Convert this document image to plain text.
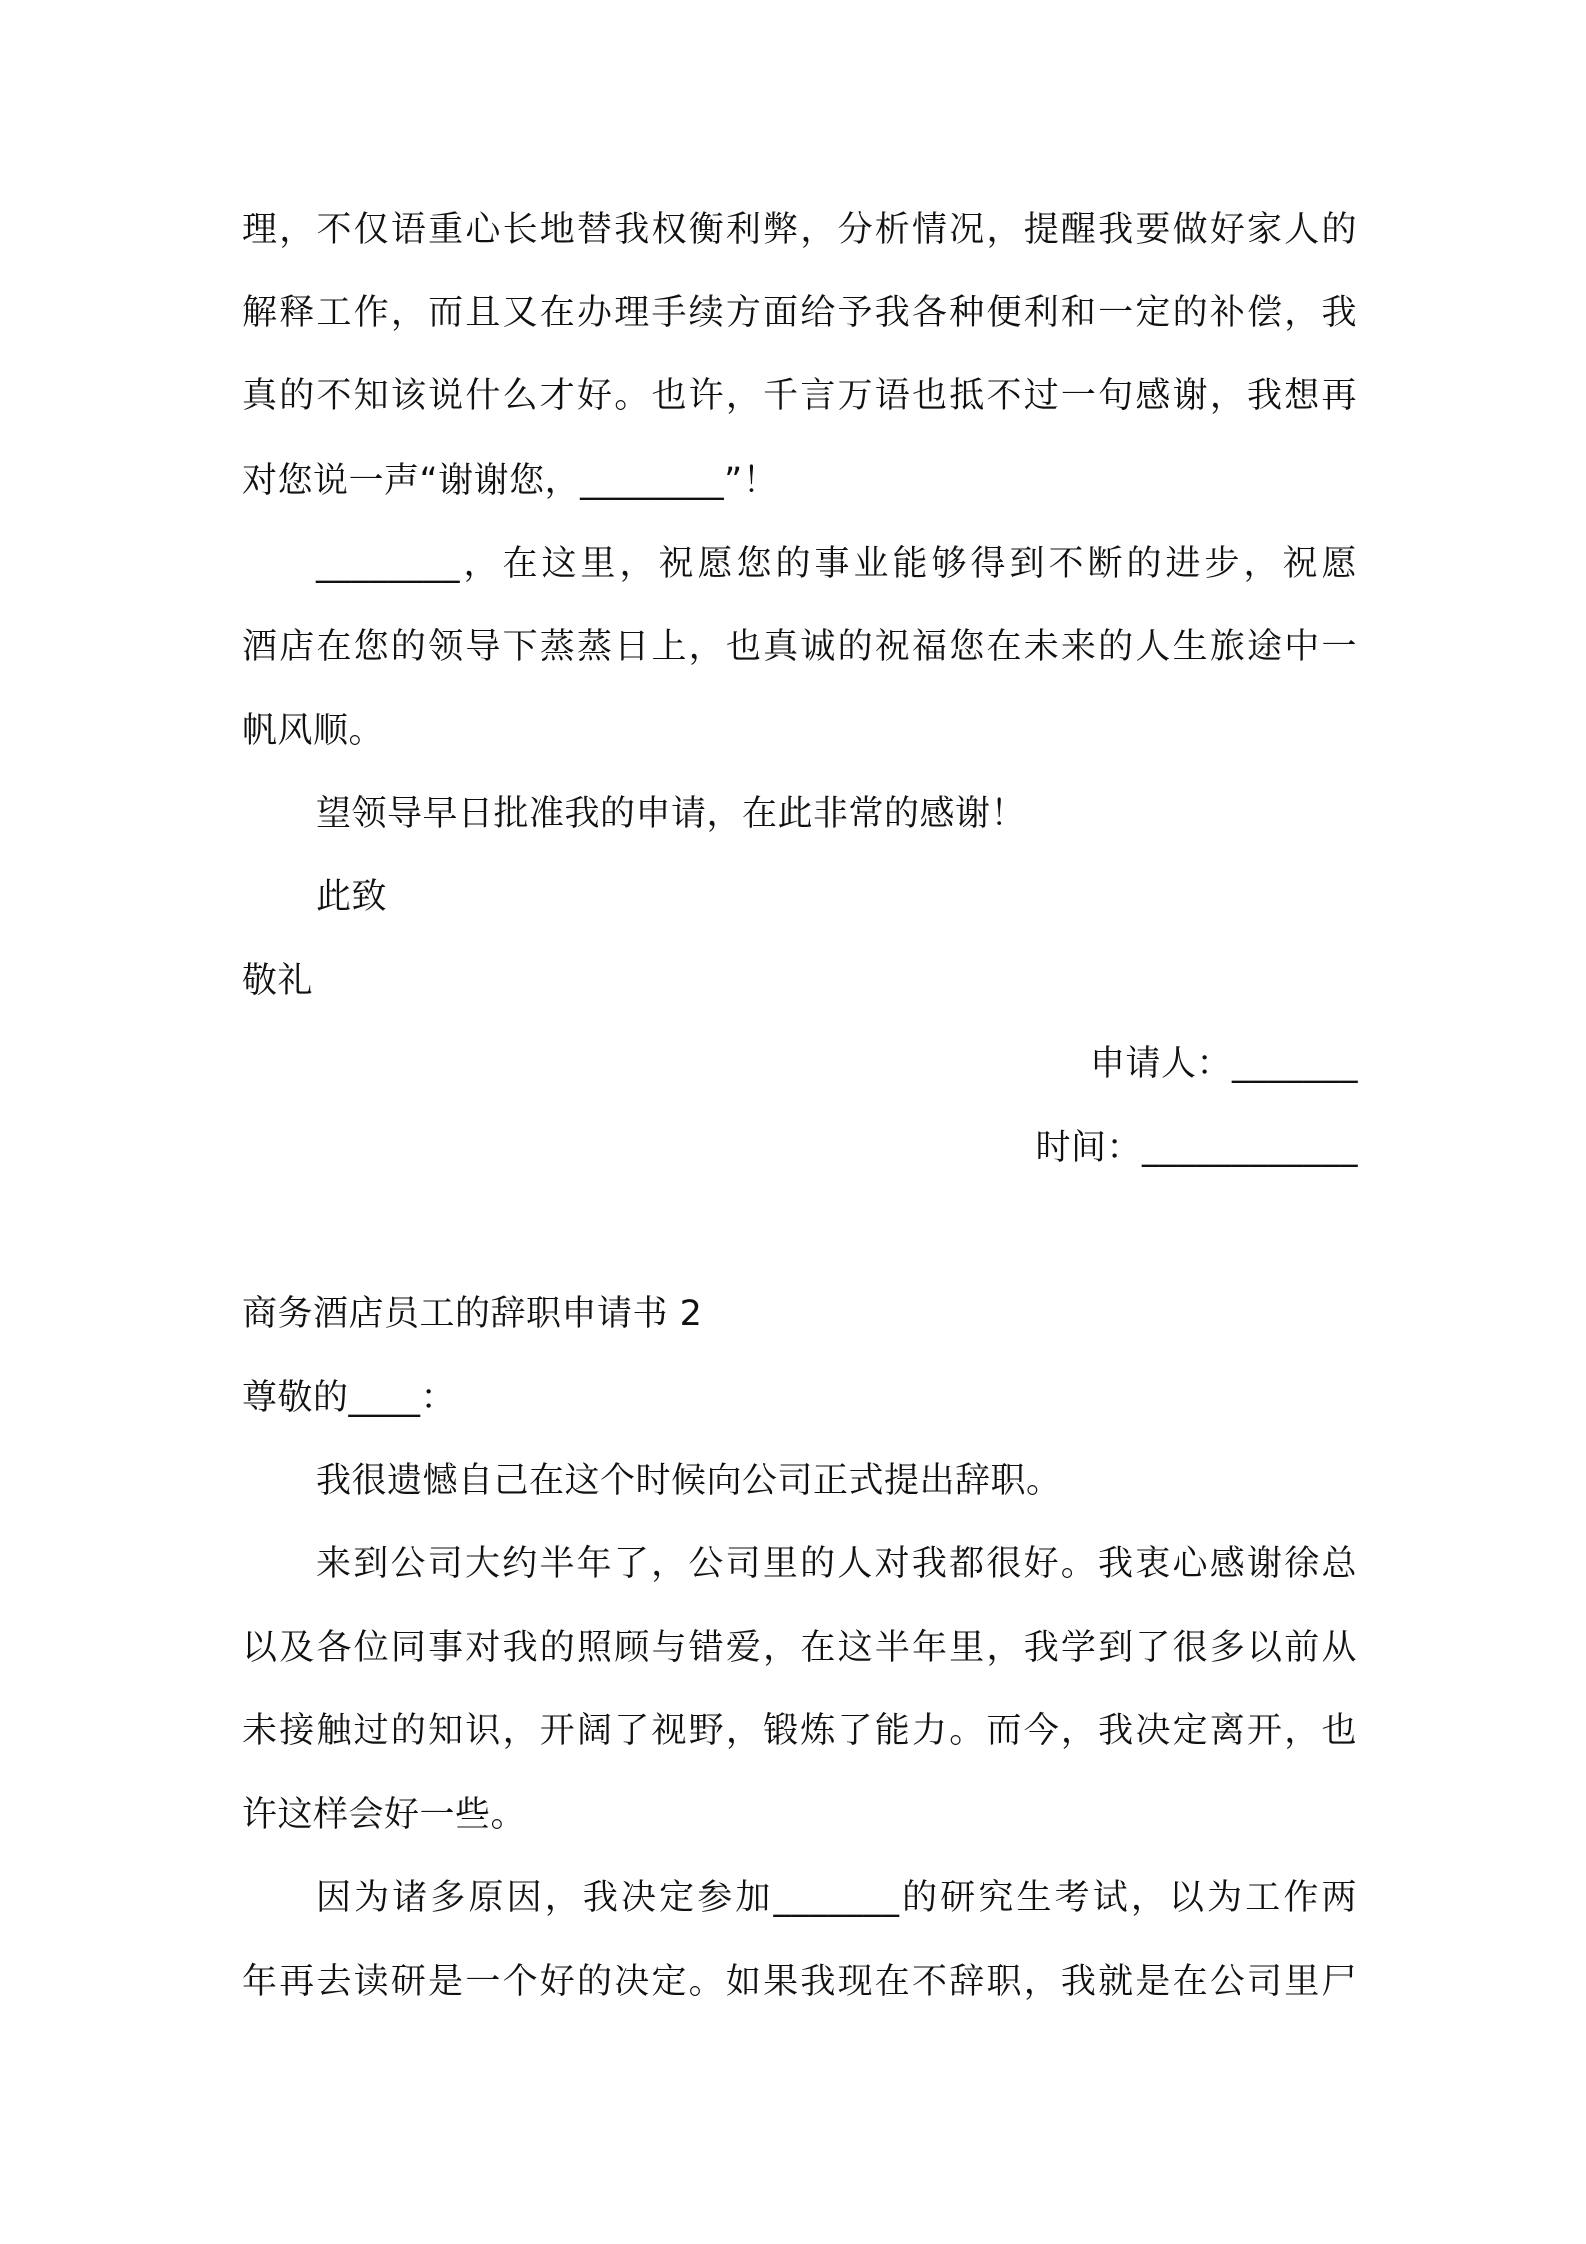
理，不仅语重心长地替我权衡利弊，分析情况，提醒我要做好家人的
解释工作，而且又在办理手续方面给予我各种便利和一定的补偿，我
真的不知该说什么才好。也许，千言万语也抵不过一句感谢，我想再
对您说一声“谢谢您，________”！
________，在这里，祝愿您的事业能够得到不断的进步，祝愿
酒店在您的领导下蒸蒸日上，也真诚的祝福您在未来的人生旅途中一
帆风顺。
望领导早日批准我的申请，在此非常的感谢！
此致
敬礼
申请人：_______
时间：____________
商务酒店员工的辞职申请书 2
尊敬的____：
我很遗憾自己在这个时候向公司正式提出辞职。
来到公司大约半年了，公司里的人对我都很好。我衷心感谢徐总
以及各位同事对我的照顾与错爱，在这半年里，我学到了很多以前从
未接触过的知识，开阔了视野，锻炼了能力。而今，我决定离开，也
许这样会好一些。
因为诸多原因，我决定参加_______的研究生考试，以为工作两
年再去读研是一个好的决定。如果我现在不辞职，我就是在公司里尸
